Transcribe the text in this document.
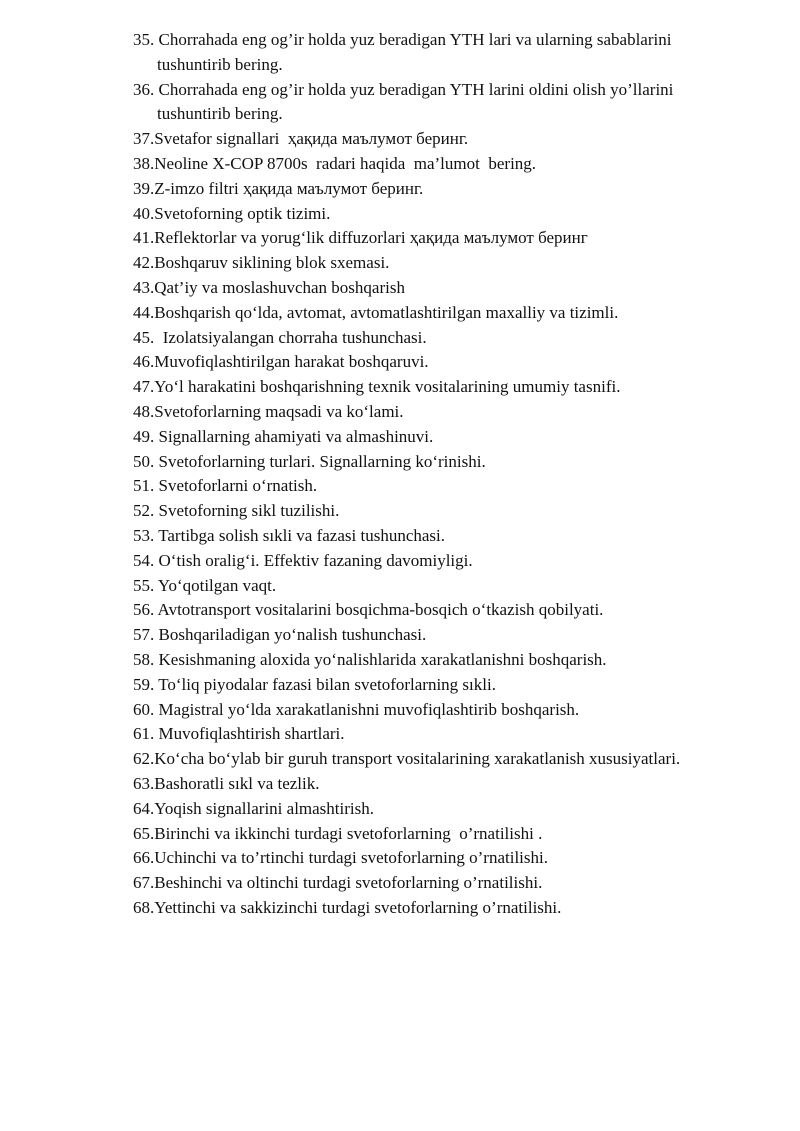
35. Chorrahada eng og’ir holda yuz beradigan YTH lari va ularning sabablarini
tushuntirib bering.
36. Chorrahada eng og’ir holda yuz beradigan YTH larini oldini olish yo’llarini
tushuntirib bering.
37.Svetafor signallari  ҳақида маълумот беринг.
38.Neoline X-COP 8700s  radari haqida  ma’lumot  bering.
39.Z-imzo filtri ҳақида маълумот беринг.
40.Svetoforning optik tizimi.
41.Reflektorlar va yorug‘lik diffuzorlari ҳақида маълумот беринг
42.Boshqaruv siklining blok sxemasi.
43.Qat’iy va moslashuvchan boshqarish
44.Boshqarish qo‘lda, avtomat, avtomatlashtirilgan maxalliy va tizimli.
45.  Izolatsiyalangan chorraha tushunchasi.
46.Muvofiqlashtirilgan harakat boshqaruvi.
47.Yo‘l harakatini boshqarishning texnik vositalarining umumiy tasnifi.
48.Svetoforlarning maqsadi va ko‘lami.
49. Signallarning ahamiyati va almashinuvi.
50. Svetoforlarning turlari. Signallarning ko‘rinishi.
51. Svetoforlarni o‘rnatish.
52. Svetoforning sikl tuzilishi.
53. Tartibga solish sıkli va fazasi tushunchasi.
54. O‘tish oralig‘i. Effektiv fazaning davomiyligi.
55. Yo‘qotilgan vaqt.
56. Avtotransport vositalarini bosqichma-bosqich o‘tkazish qobilyati.
57. Boshqariladigan yo‘nalish tushunchasi.
58. Kesishmaning aloxida yo‘nalishlarida xarakatlanishni boshqarish.
59. To‘liq piyodalar fazasi bilan svetoforlarning sıkli.
60. Magistral yo‘lda xarakatlanishni muvofiqlashtirib boshqarish.
61. Muvofiqlashtirish shartlari.
62.Ko‘cha bo‘ylab bir guruh transport vositalarining xarakatlanish xususiyatlari.
63.Bashoratli sıkl va tezlik.
64.Yoqish signallarini almashtirish.
65.Birinchi va ikkinchi turdagi svetoforlarning  o’rnatilishi .
66.Uchinchi va to’rtinchi turdagi svetoforlarning o’rnatilishi.
67.Beshinchi va oltinchi turdagi svetoforlarning o’rnatilishi.
68.Yettinchi va sakkizinchi turdagi svetoforlarning o’rnatilishi.
